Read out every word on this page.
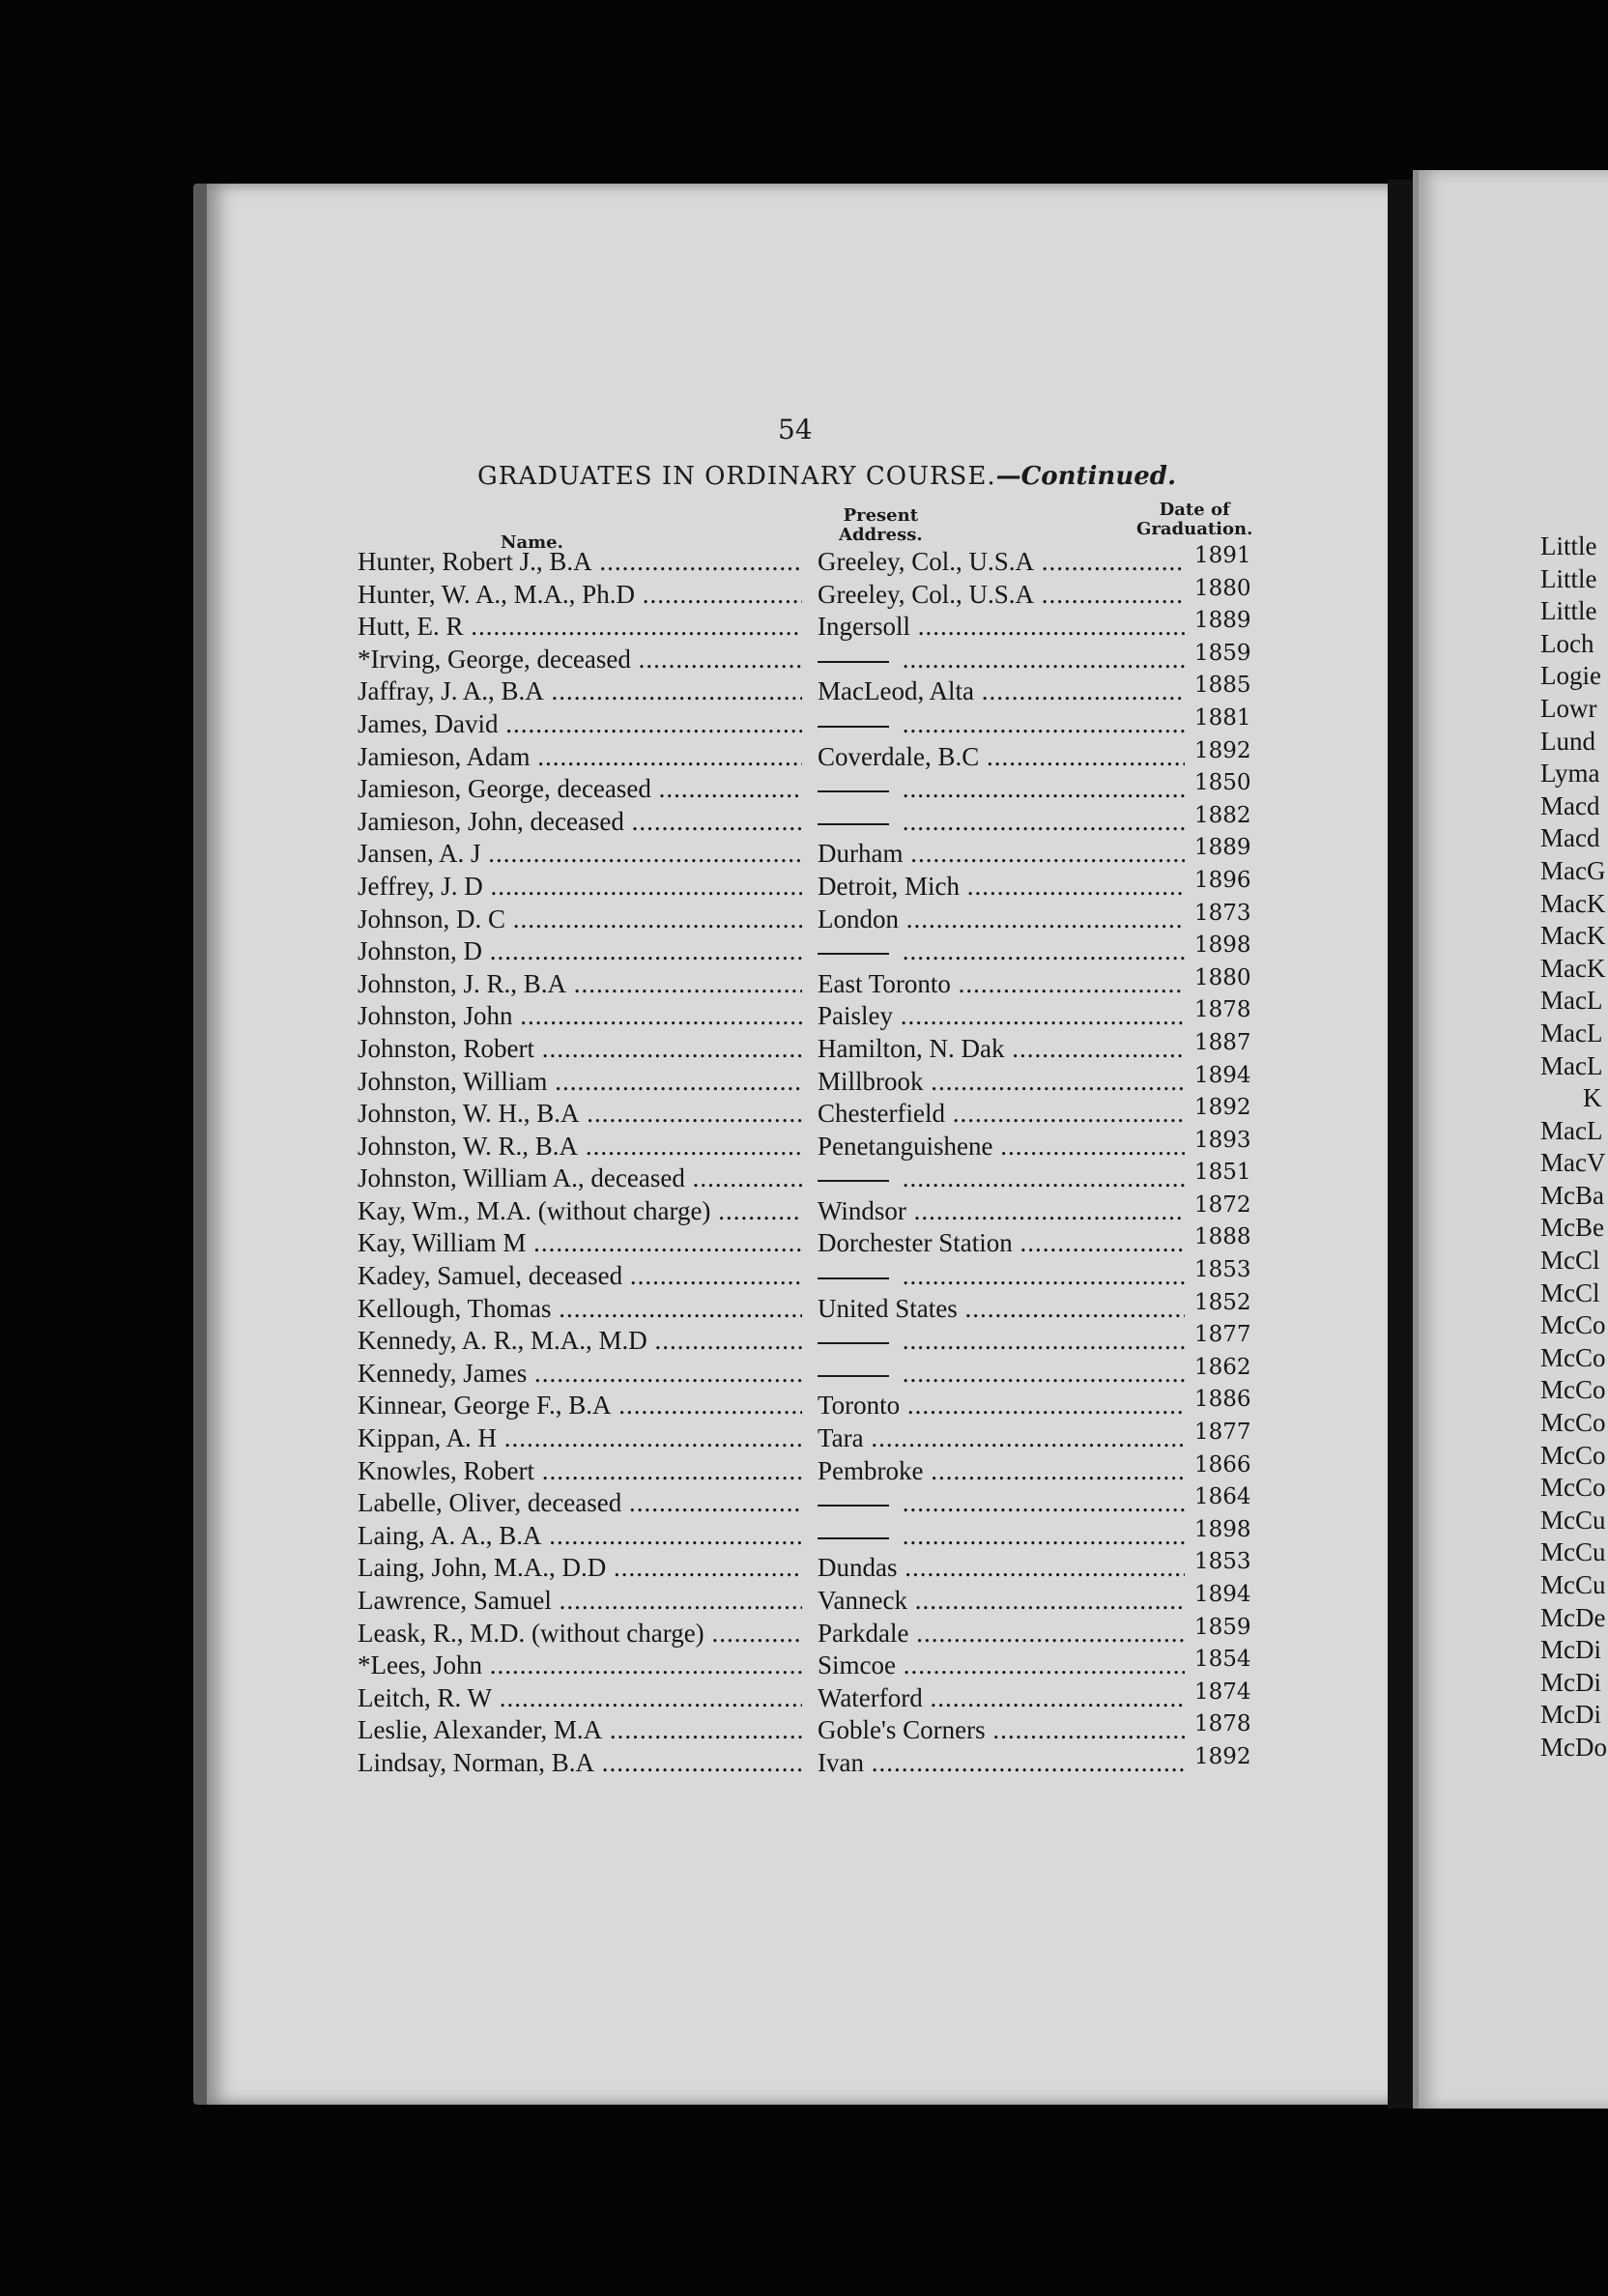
54
GRADUATES IN ORDINARY COURSE.—Continued.
Name.
Present
Address.
Date of
Graduation.
Hunter, Robert J., B.A .....	Greeley, Col., U.S.A .....	1891
Hunter, W. A., M.A., Ph.D .....	Greeley, Col., U.S.A .....	1880
Hutt, E. R .....	Ingersoll .....	1889
*Irving, George, deceased ..... .....	1859
Jaffray, J. A., B.A .....	MacLeod, Alta .....	1885
James, David ..... .....	1881
Jamieson, Adam .....	Coverdale, B.C .....	1892
Jamieson, George, deceased ..... .....	1850
Jamieson, John, deceased ..... .....	1882
Jansen, A. J .....	Durham .....	1889
Jeffrey, J. D .....	Detroit, Mich .....	1896
Johnson, D. C .....	London .....	1873
Johnston, D ..... .....	1898
Johnston, J. R., B.A .....	East Toronto .....	1880
Johnston, John .....	Paisley .....	1878
Johnston, Robert .....	Hamilton, N. Dak .....	1887
Johnston, William .....	Millbrook .....	1894
Johnston, W. H., B.A .....	Chesterfield .....	1892
Johnston, W. R., B.A .....	Penetanguishene .....	1893
Johnston, William A., deceased ..... .....	1851
Kay, Wm., M.A. (without charge) .....	Windsor .....	1872
Kay, William M .....	Dorchester Station .....	1888
Kadey, Samuel, deceased ..... .....	1853
Kellough, Thomas .....	United States .....	1852
Kennedy, A. R., M.A., M.D ..... .....	1877
Kennedy, James ..... .....	1862
Kinnear, George F., B.A .....	Toronto .....	1886
Kippan, A. H .....	Tara .....	1877
Knowles, Robert .....	Pembroke .....	1866
Labelle, Oliver, deceased ..... .....	1864
Laing, A. A., B.A ..... .....	1898
Laing, John, M.A., D.D .....	Dundas .....	1853
Lawrence, Samuel .....	Vanneck .....	1894
Leask, R., M.D. (without charge) .....	Parkdale .....	1859
*Lees, John .....	Simcoe .....	1854
Leitch, R. W .....	Waterford .....	1874
Leslie, Alexander, M.A .....	Goble's Corners .....	1878
Lindsay, Norman, B.A .....	Ivan .....	1892
Little
Little
Little
Loch
Logie
Lowr
Lund
Lyma
Macd
Macd
MacG
MacK
MacK
MacK
MacL
MacL
MacL
K
MacL
MacV
McBa
McBe
McCl
McCl
McCo
McCo
McCo
McCo
McCo
McCo
McCu
McCu
McCu
McDe
McDi
McDi
McDi
McDo
